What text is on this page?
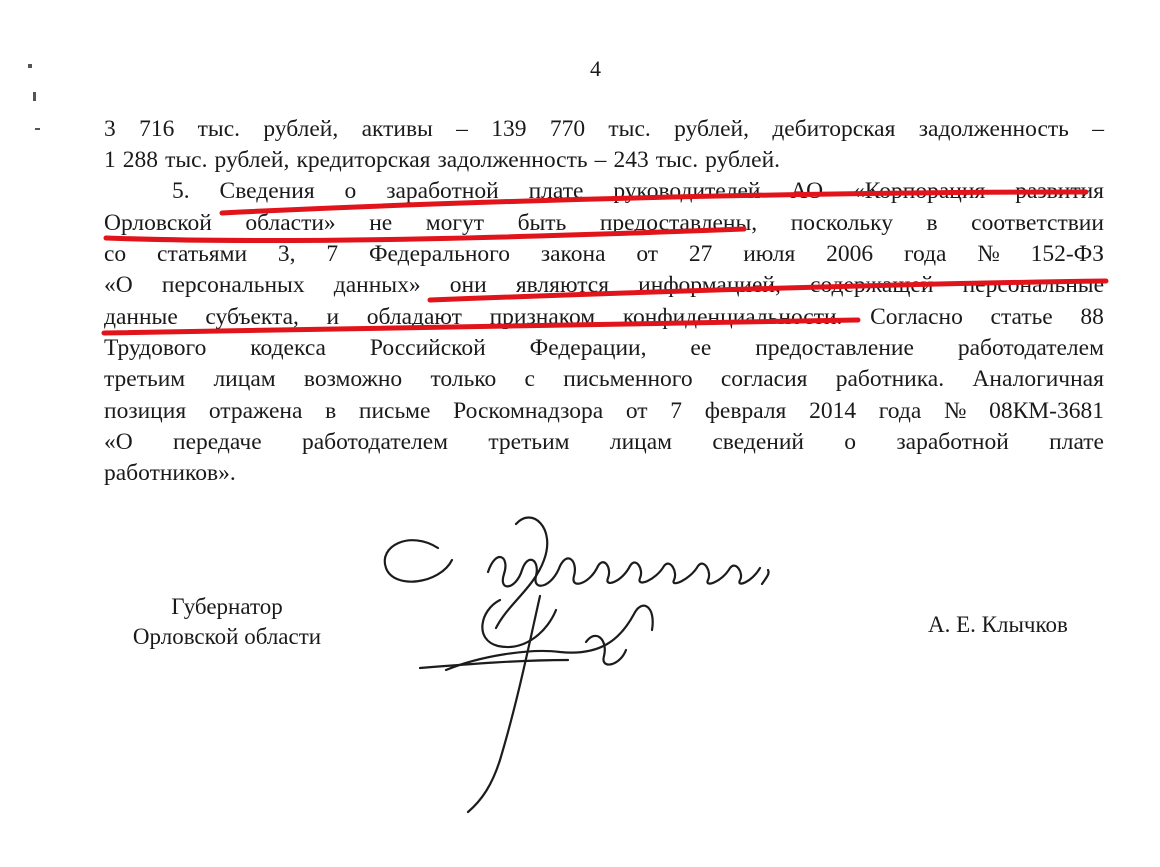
4
3 716 тыс. рублей, активы – 139 770 тыс. рублей, дебиторская задолженность –
1 288 тыс. рублей, кредиторская задолженность – 243 тыс. рублей.
5. Сведения о заработной плате руководителей АО «Корпорация развития
Орловской области» не могут быть предоставлены, поскольку в соответствии
со статьями 3, 7 Федерального закона от 27 июля 2006 года № 152-ФЗ
«О персональных данных» они являются информацией, содержащей персональные
данные субъекта, и обладают признаком конфиденциальности. Согласно статье 88
Трудового кодекса Российской Федерации, ее предоставление работодателем
третьим лицам возможно только с письменного согласия работника. Аналогичная
позиция отражена в письме Роскомнадзора от 7 февраля 2014 года № 08КМ-3681
«О передаче работодателем третьим лицам сведений о заработной плате
работников».
Губернатор
Орловской области	А. Е. Клычков
